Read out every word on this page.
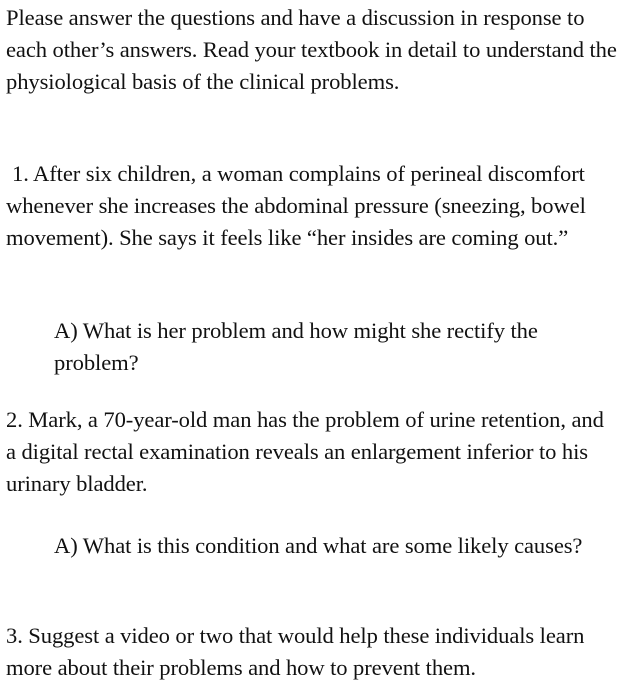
Please answer the questions and have a discussion in response to each other’s answers. Read your textbook in detail to understand the physiological basis of the clinical problems.

1. After six children, a woman complains of perineal discomfort whenever she increases the abdominal pressure (sneezing, bowel movement). She says it feels like “her insides are coming out.”

A) What is her problem and how might she rectify the problem?

2. Mark, a 70-year-old man has the problem of urine retention, and a digital rectal examination reveals an enlargement inferior to his urinary bladder.

A) What is this condition and what are some likely causes?

3. Suggest a video or two that would help these individuals learn more about their problems and how to prevent them.
